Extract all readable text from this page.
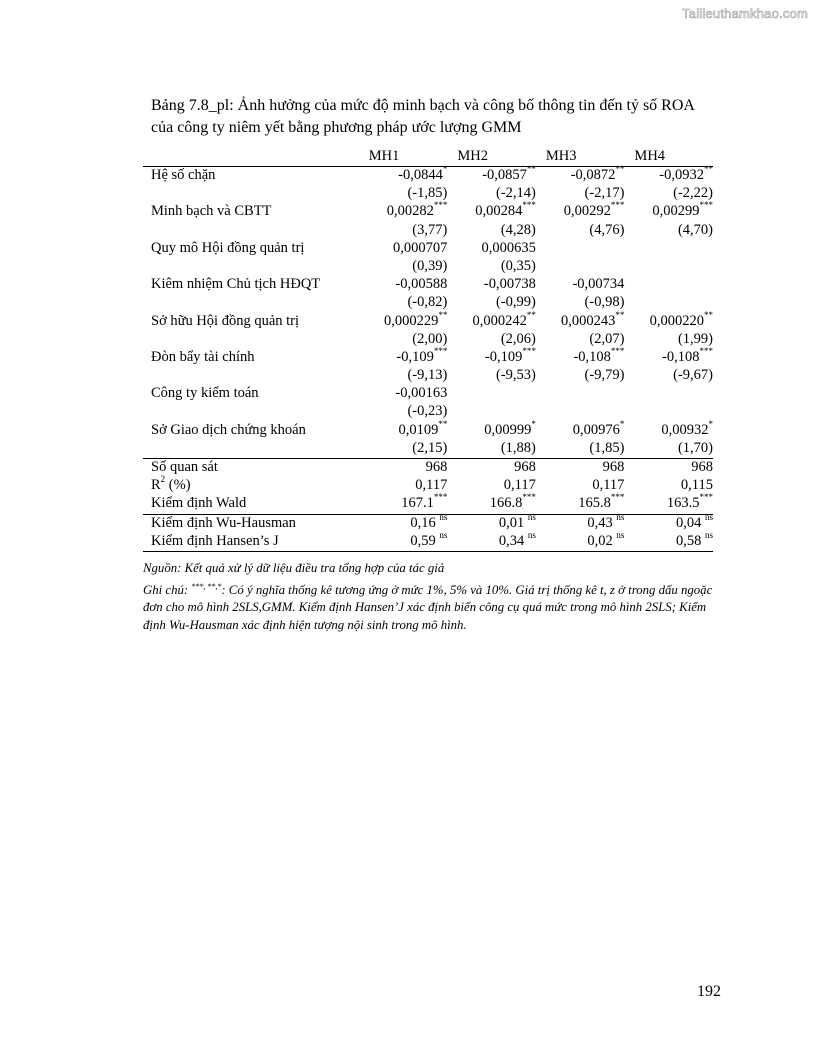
Tailieuthamkhao.com
Bảng 7.8_pl: Ảnh hưởng của mức độ minh bạch và công bố thông tin đến tỷ số ROA của công ty niêm yết bằng phương pháp ước lượng GMM
	MH1	MH2	MH3	MH4
Hệ số chặn	-0,0844*	-0,0857**	-0,0872**	-0,0932**
	(-1,85)	(-2,14)	(-2,17)	(-2,22)
Minh bạch và CBTT	0,00282***	0,00284***	0,00292***	0,00299***
	(3,77)	(4,28)	(4,76)	(4,70)
Quy mô Hội đồng quản trị	0,000707	0,000635		
	(0,39)	(0,35)		
Kiêm nhiệm Chủ tịch HĐQT	-0,00588	-0,00738	-0,00734	
	(-0,82)	(-0,99)	(-0,98)	
Sở hữu Hội đồng quản trị	0,000229**	0,000242**	0,000243**	0,000220**
	(2,00)	(2,06)	(2,07)	(1,99)
Đòn bẩy tài chính	-0,109***	-0,109***	-0,108***	-0,108***
	(-9,13)	(-9,53)	(-9,79)	(-9,67)
Công ty kiểm toán	-0,00163			
	(-0,23)			
Sở Giao dịch chứng khoán	0,0109**	0,00999*	0,00976*	0,00932*
	(2,15)	(1,88)	(1,85)	(1,70)
Số quan sát	968	968	968	968
$R^2$ (%)	0,117	0,117	0,117	0,115
Kiểm định Wald	167.1***	166.8***	165.8***	163.5***
Kiểm định Wu-Hausman	0,16 $^{ns}$	0,01 $^{ns}$	0,43 $^{ns}$	0,04 $^{ns}$
Kiểm định Hansen’s J	0,59 $^{ns}$	0,34 $^{ns}$	0,02 $^{ns}$	0,58 $^{ns}$

Nguồn: Kết quả xử lý dữ liệu điều tra tổng hợp của tác giả

Ghi chú: ***, **,*: Có ý nghĩa thống kê tương ứng ở mức 1%, 5% và 10%. Giá trị thống kê t, z ở trong dấu ngoặc đơn cho mô hình 2SLS,GMM. Kiểm định Hansen’J xác định biến công cụ quá mức trong mô hình 2SLS; Kiểm định Wu-Hausman xác định hiện tượng nội sinh trong mô hình.

192
